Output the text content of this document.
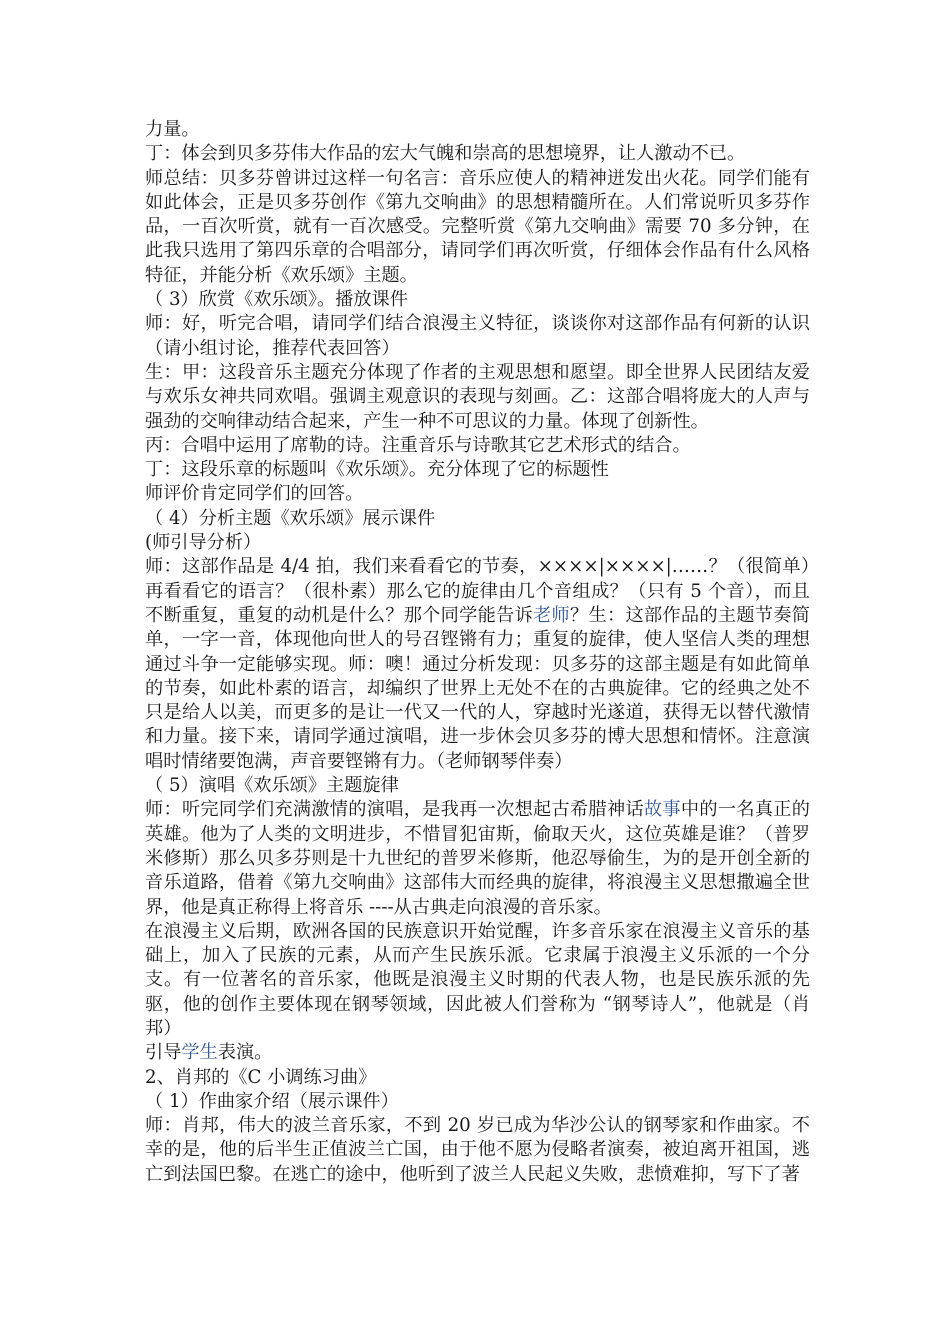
力量。

丁：体会到贝多芬伟大作品的宏大气魄和崇高的思想境界，让人激动不已。

师总结：贝多芬曾讲过这样一句名言：音乐应使人的精神迸发出火花。同学们能有如此体会，正是贝多芬创作《第九交响曲》的思想精髓所在。人们常说听贝多芬作品，一百次听赏，就有一百次感受。完整听赏《第九交响曲》需要 70 多分钟，在此我只选用了第四乐章的合唱部分，请同学们再次听赏，仔细体会作品有什么风格特征，并能分析《欢乐颂》主题。

（ 3）欣赏《欢乐颂》。播放课件

师：好，听完合唱，请同学们结合浪漫主义特征，谈谈你对这部作品有何新的认识（请小组讨论，推荐代表回答）

生：甲：这段音乐主题充分体现了作者的主观思想和愿望。即全世界人民团结友爱与欢乐女神共同欢唱。强调主观意识的表现与刻画。乙：这部合唱将庞大的人声与强劲的交响律动结合起来，产生一种不可思议的力量。体现了创新性。

丙：合唱中运用了席勒的诗。注重音乐与诗歌其它艺术形式的结合。

丁：这段乐章的标题叫《欢乐颂》。充分体现了它的标题性

师评价肯定同学们的回答。

（ 4）分析主题《欢乐颂》展示课件

(师引导分析）

师：这部作品是 4/4 拍，我们来看看它的节奏，××××|××××|……？（很简单）再看看它的语言？（很朴素）那么它的旋律由几个音组成？（只有 5 个音），而且不断重复，重复的动机是什么？那个同学能告诉老师？生：这部作品的主题节奏简单，一字一音，体现他向世人的号召铿锵有力；重复的旋律，使人坚信人类的理想通过斗争一定能够实现。师：噢！通过分析发现：贝多芬的这部主题是有如此简单的节奏，如此朴素的语言，却编织了世界上无处不在的古典旋律。它的经典之处不只是给人以美，而更多的是让一代又一代的人，穿越时光遂道，获得无以替代激情和力量。接下来，请同学通过演唱，进一步休会贝多芬的博大思想和情怀。注意演唱时情绪要饱满，声音要铿锵有力。（老师钢琴伴奏）

（ 5）演唱《欢乐颂》主题旋律

师：听完同学们充满激情的演唱，是我再一次想起古希腊神话故事中的一名真正的英雄。他为了人类的文明进步，不惜冒犯宙斯，偷取天火，这位英雄是谁？（普罗米修斯）那么贝多芬则是十九世纪的普罗米修斯，他忍辱偷生，为的是开创全新的音乐道路，借着《第九交响曲》这部伟大而经典的旋律，将浪漫主义思想撒遍全世界，他是真正称得上将音乐 ----从古典走向浪漫的音乐家。

在浪漫主义后期，欧洲各国的民族意识开始觉醒，许多音乐家在浪漫主义音乐的基础上，加入了民族的元素，从而产生民族乐派。它隶属于浪漫主义乐派的一个分支。有一位著名的音乐家，他既是浪漫主义时期的代表人物，也是民族乐派的先驱，他的创作主要体现在钢琴领域，因此被人们誉称为 “钢琴诗人”，他就是（肖邦）

引导学生表演。

2、肖邦的《C 小调练习曲》

（ 1）作曲家介绍（展示课件）

师：肖邦，伟大的波兰音乐家，不到 20 岁已成为华沙公认的钢琴家和作曲家。不幸的是，他的后半生正值波兰亡国，由于他不愿为侵略者演奏，被迫离开祖国，逃亡到法国巴黎。在逃亡的途中，他听到了波兰人民起义失败，悲愤难抑，写下了著
